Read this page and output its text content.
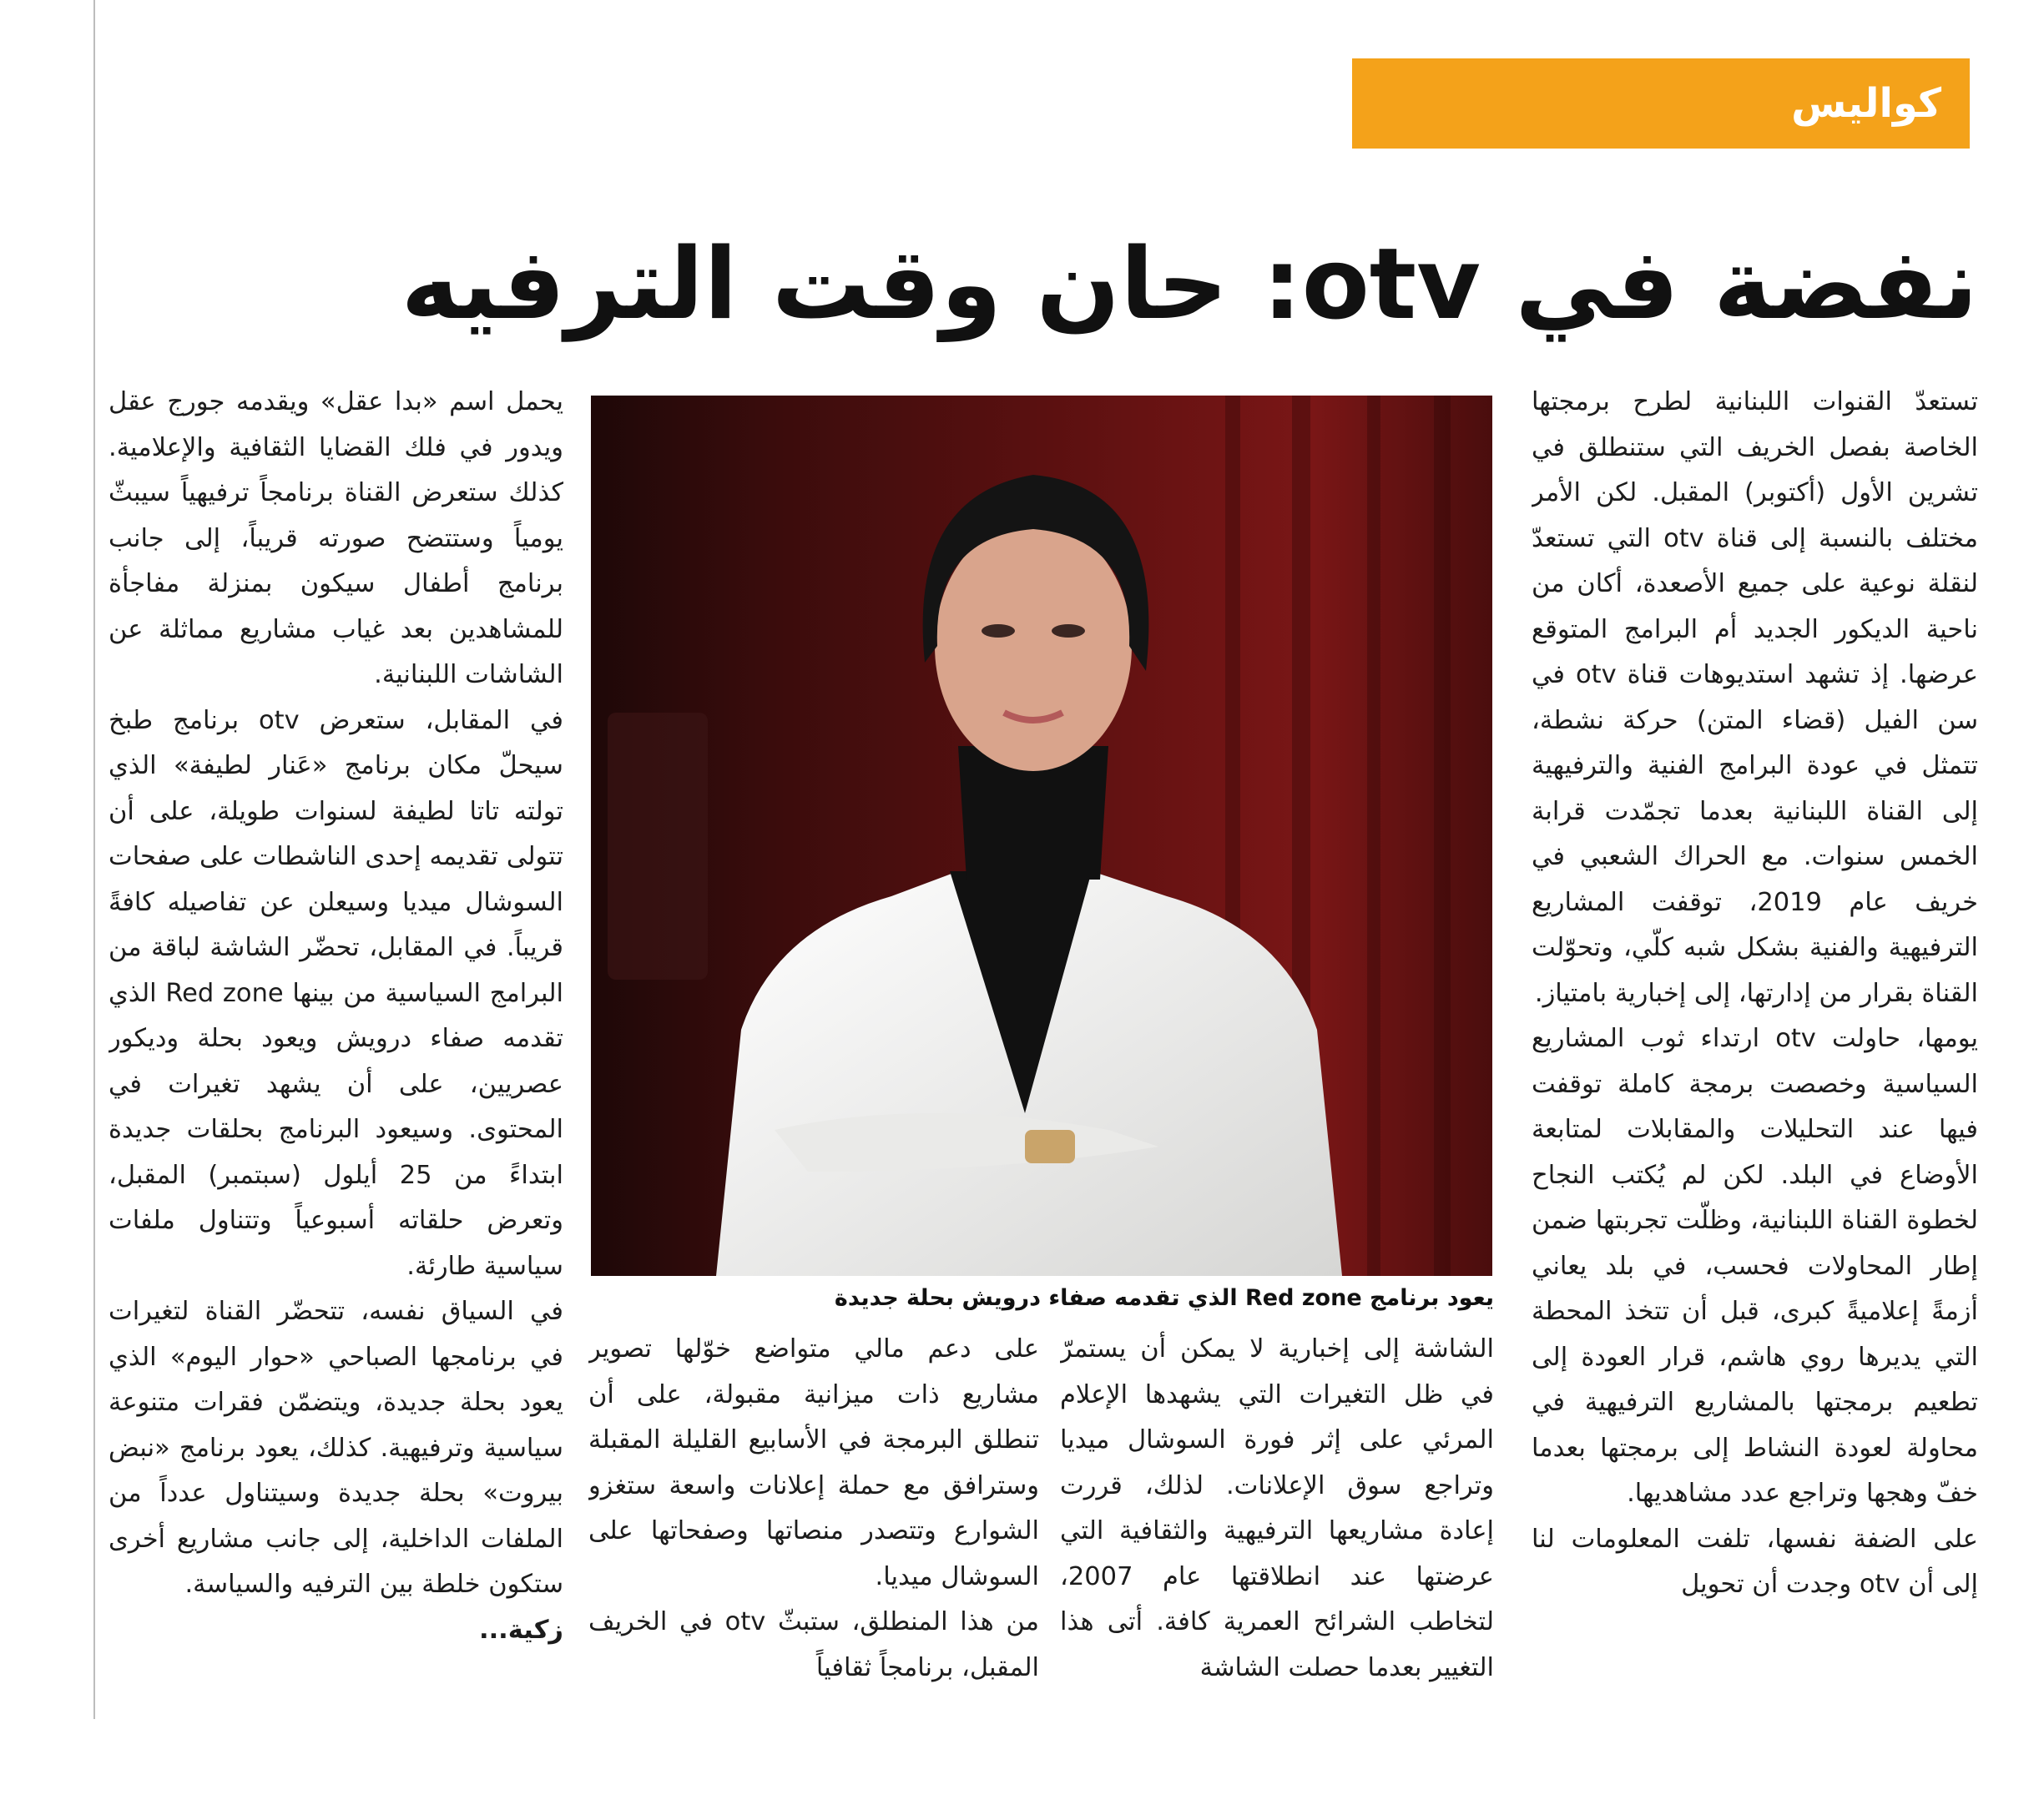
كواليس
نفضة في otv: حان وقت الترفيه

تستعدّ القنوات اللبنانية لطرح برمجتها الخاصة بفصل الخريف التي ستنطلق في تشرين الأول (أكتوبر) المقبل. لكن الأمر مختلف بالنسبة إلى قناة otv التي تستعدّ لنقلة نوعية على جميع الأصعدة، أكان من ناحية الديكور الجديد أم البرامج المتوقع عرضها. إذ تشهد استديوهات قناة otv في سن الفيل (قضاء المتن) حركة نشطة، تتمثل في عودة البرامج الفنية والترفيهية إلى القناة اللبنانية بعدما تجمّدت قرابة الخمس سنوات. مع الحراك الشعبي في خريف عام 2019، توقفت المشاريع الترفيهية والفنية بشكل شبه كلّي، وتحوّلت القناة بقرار من إدارتها، إلى إخبارية بامتياز.

يومها، حاولت otv ارتداء ثوب المشاريع السياسية وخصصت برمجة كاملة توقفت فيها عند التحليلات والمقابلات لمتابعة الأوضاع في البلد. لكن لم يُكتب النجاح لخطوة القناة اللبنانية، وظلّت تجربتها ضمن إطار المحاولات فحسب، في بلد يعاني أزمةً إعلاميةً كبرى، قبل أن تتخذ المحطة التي يديرها روي هاشم، قرار العودة إلى تطعيم برمجتها بالمشاريع الترفيهية في محاولة لعودة النشاط إلى برمجتها بعدما خفّ وهجها وتراجع عدد مشاهديها.

على الضفة نفسها، تلفت المعلومات لنا إلى أن otv وجدت أن تحويل

يعود برنامج Red zone الذي تقدمه صفاء درويش بحلة جديدة

الشاشة إلى إخبارية لا يمكن أن يستمرّ في ظل التغيرات التي يشهدها الإعلام المرئي على إثر فورة السوشال ميديا وتراجع سوق الإعلانات. لذلك، قررت إعادة مشاريعها الترفيهية والثقافية التي عرضتها عند انطلاقتها عام 2007، لتخاطب الشرائح العمرية كافة. أتى هذا التغيير بعدما حصلت الشاشة

على دعم مالي متواضع خوّلها تصوير مشاريع ذات ميزانية مقبولة، على أن تنطلق البرمجة في الأسابيع القليلة المقبلة وسترافق مع حملة إعلانات واسعة ستغزو الشوارع وتتصدر منصاتها وصفحاتها على السوشال ميديا.

من هذا المنطلق، ستبثّ otv في الخريف المقبل، برنامجاً ثقافياً

يحمل اسم «بدا عقل» ويقدمه جورج عقل ويدور في فلك القضايا الثقافية والإعلامية. كذلك ستعرض القناة برنامجاً ترفيهياً سيبثّ يومياً وستتضح صورته قريباً، إلى جانب برنامج أطفال سيكون بمنزلة مفاجأة للمشاهدين بعد غياب مشاريع مماثلة عن الشاشات اللبنانية.

في المقابل، ستعرض otv برنامج طبخ سيحلّ مكان برنامج «عَنار لطيفة» الذي تولته تاتا لطيفة لسنوات طويلة، على أن تتولى تقديمه إحدى الناشطات على صفحات السوشال ميديا وسيعلن عن تفاصيله كافةً قريباً. في المقابل، تحضّر الشاشة لباقة من البرامج السياسية من بينها Red zone الذي تقدمه صفاء درويش ويعود بحلة وديكور عصريين، على أن يشهد تغيرات في المحتوى. وسيعود البرنامج بحلقات جديدة ابتداءً من 25 أيلول (سبتمبر) المقبل، وتعرض حلقاته أسبوعياً وتتناول ملفات سياسية طارئة.

في السياق نفسه، تتحضّر القناة لتغيرات في برنامجها الصباحي «حوار اليوم» الذي يعود بحلة جديدة، ويتضمّن فقرات متنوعة سياسية وترفيهية. كذلك، يعود برنامج «نبض بيروت» بحلة جديدة وسيتناول عدداً من الملفات الداخلية، إلى جانب مشاريع أخرى ستكون خلطة بين الترفيه والسياسة.

زكية...
